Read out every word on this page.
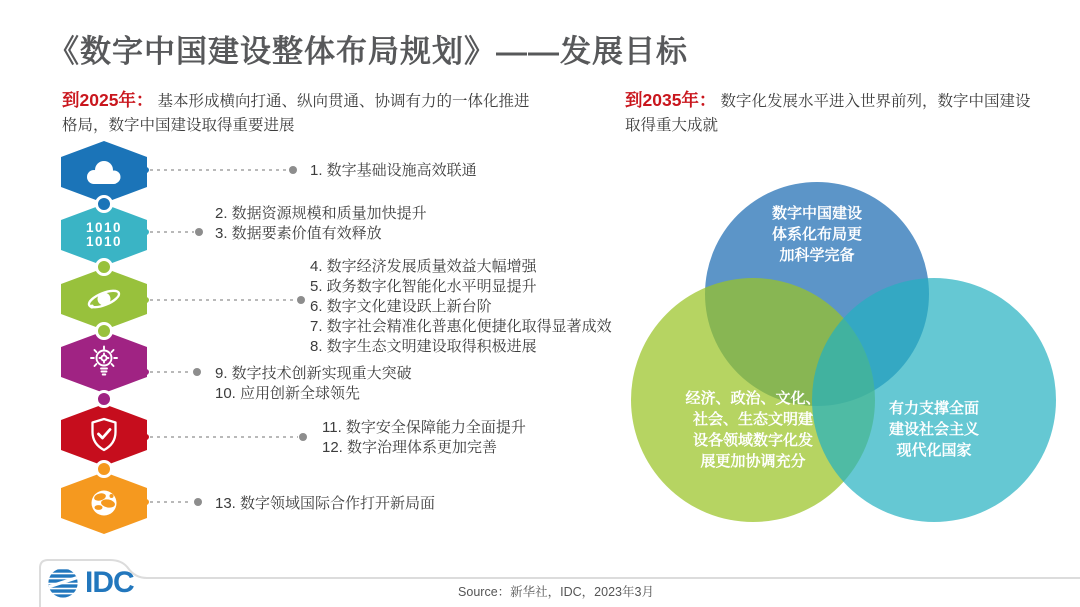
《数字中国建设整体布局规划》——发展目标
到2025年： 基本形成横向打通、纵向贯通、协调有力的一体化推进格局，数字中国建设取得重要进展
到2035年： 数字化发展水平进入世界前列，数字中国建设取得重大成就
1010
1010
1. 数字基础设施高效联通
2. 数据资源规模和质量加快提升
3. 数据要素价值有效释放
4. 数字经济发展质量效益大幅增强
5. 政务数字化智能化水平明显提升
6. 数字文化建设跃上新台阶
7. 数字社会精准化普惠化便捷化取得显著成效
8. 数字生态文明建设取得积极进展
9. 数字技术创新实现重大突破
10. 应用创新全球领先
11. 数字安全保障能力全面提升
12. 数字治理体系更加完善
13. 数字领域国际合作打开新局面
数字中国建设
体系化布局更
加科学完备
经济、政治、文化、
社会、生态文明建
设各领域数字化发
展更加协调充分
有力支撑全面
建设社会主义
现代化国家
IDC	Source：新华社，IDC，2023年3月
